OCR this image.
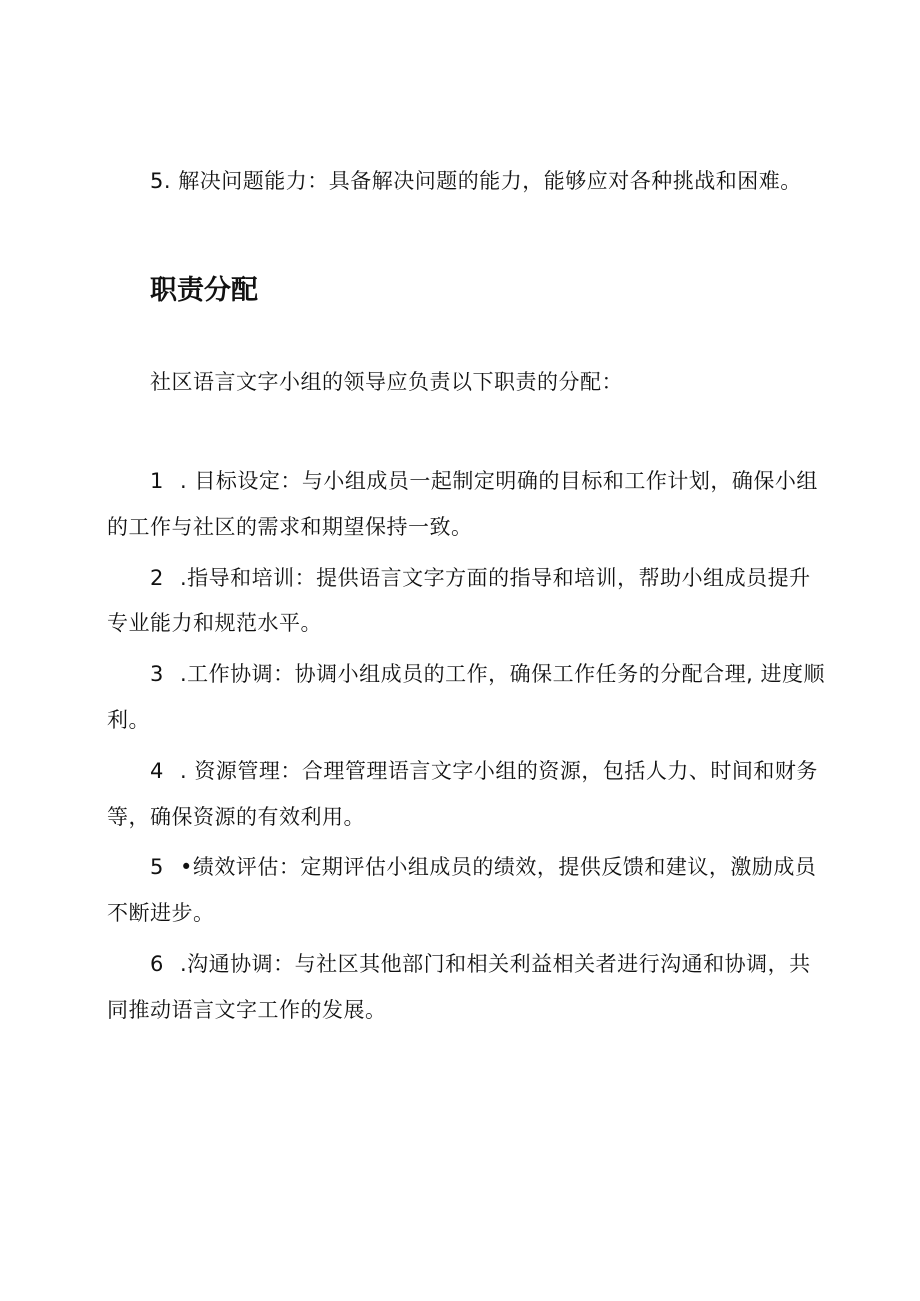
5. 解决问题能力：具备解决问题的能力，能够应对各种挑战和困难。
职责分配
社区语言文字小组的领导应负责以下职责的分配：
1 . 目标设定：与小组成员一起制定明确的目标和工作计划，确保小组
的工作与社区的需求和期望保持一致。
2 .指导和培训：提供语言文字方面的指导和培训，帮助小组成员提升
专业能力和规范水平。
3 .工作协调：协调小组成员的工作，确保工作任务的分配合理, 进度顺
利。
4 . 资源管理：合理管理语言文字小组的资源，包括人力、时间和财务
等，确保资源的有效利用。
5 •绩效评估：定期评估小组成员的绩效，提供反馈和建议，激励成员
不断进步。
6 .沟通协调：与社区其他部门和相关利益相关者进行沟通和协调，共
同推动语言文字工作的发展。
